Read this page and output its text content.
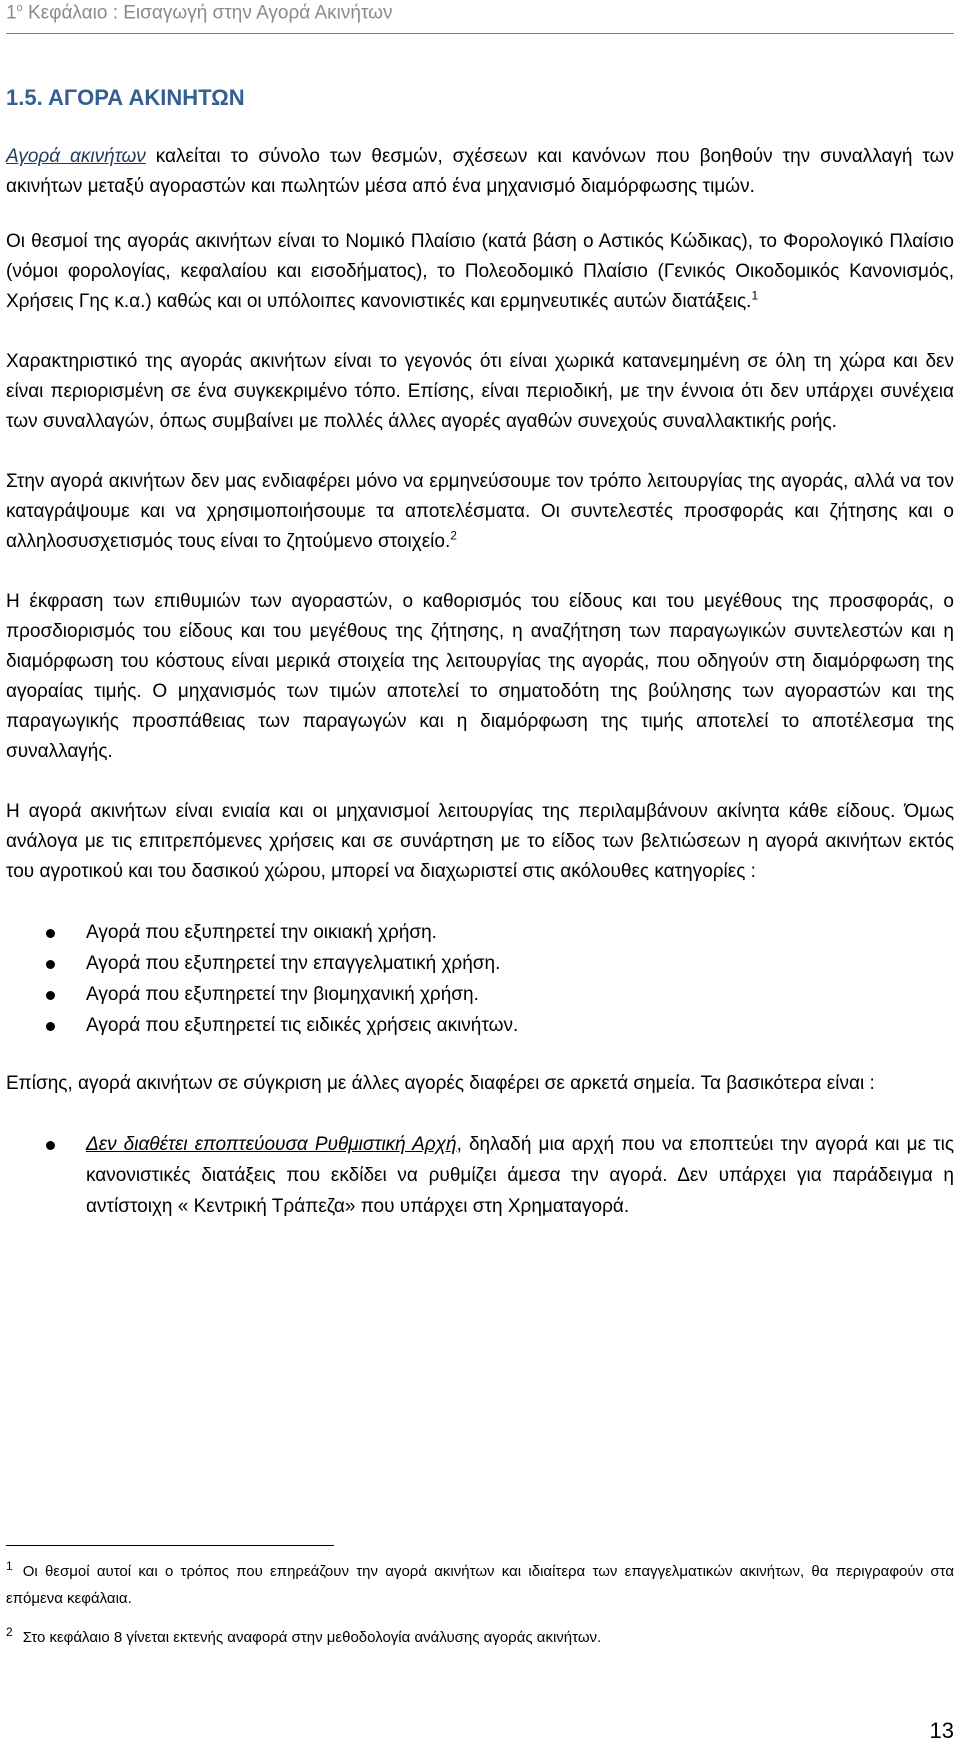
$1^o$ Κεφάλαιο : Εισαγωγή στην Αγορά Ακινήτων
1.5. ΑΓΟΡΑ ΑΚΙΝΗΤΩΝ

Αγορά ακινήτων καλείται το σύνολο των θεσμών, σχέσεων και κανόνων που βοηθούν την συναλλαγή των ακινήτων μεταξύ αγοραστών και πωλητών μέσα από ένα μηχανισμό διαμόρφωσης τιμών.

Οι θεσμοί της αγοράς ακινήτων είναι το Νομικό Πλαίσιο (κατά βάση ο Αστικός Κώδικας), το Φορολογικό Πλαίσιο (νόμοι φορολογίας, κεφαλαίου και εισοδήματος), το Πολεοδομικό Πλαίσιο (Γενικός Οικοδομικός Κανονισμός, Χρήσεις Γης κ.α.) καθώς και οι υπόλοιπες κανονιστικές και ερμηνευτικές αυτών διατάξεις.$^1$

Χαρακτηριστικό της αγοράς ακινήτων είναι το γεγονός ότι είναι χωρικά κατανεμημένη σε όλη τη χώρα και δεν είναι περιορισμένη σε ένα συγκεκριμένο τόπο. Επίσης, είναι περιοδική, με την έννοια ότι δεν υπάρχει συνέχεια των συναλλαγών, όπως συμβαίνει με πολλές άλλες αγορές αγαθών συνεχούς συναλλακτικής ροής.

Στην αγορά ακινήτων δεν μας ενδιαφέρει μόνο να ερμηνεύσουμε τον τρόπο λειτουργίας της αγοράς, αλλά να τον καταγράψουμε και να χρησιμοποιήσουμε τα αποτελέσματα. Οι συντελεστές προσφοράς και ζήτησης και ο αλληλοσυσχετισμός τους είναι το ζητούμενο στοιχείο.$^2$

Η έκφραση των επιθυμιών των αγοραστών, ο καθορισμός του είδους και του μεγέθους της προσφοράς, ο προσδιορισμός του είδους και του μεγέθους της ζήτησης, η αναζήτηση των παραγωγικών συντελεστών και η διαμόρφωση του κόστους είναι μερικά στοιχεία της λειτουργίας της αγοράς, που οδηγούν στη διαμόρφωση της αγοραίας τιμής. Ο μηχανισμός των τιμών αποτελεί το σηματοδότη της βούλησης των αγοραστών και της παραγωγικής προσπάθειας των παραγωγών και η διαμόρφωση της τιμής αποτελεί το αποτέλεσμα της συναλλαγής.

Η αγορά ακινήτων είναι ενιαία και οι μηχανισμοί λειτουργίας της περιλαμβάνουν ακίνητα κάθε είδους. Όμως ανάλογα με τις επιτρεπόμενες χρήσεις και σε συνάρτηση με το είδος των βελτιώσεων η αγορά ακινήτων εκτός του αγροτικού και του δασικού χώρου, μπορεί να διαχωριστεί στις ακόλουθες κατηγορίες :

Αγορά που εξυπηρετεί την οικιακή χρήση.
Αγορά που εξυπηρετεί την επαγγελματική χρήση.
Αγορά που εξυπηρετεί την βιομηχανική χρήση.
Αγορά που εξυπηρετεί τις ειδικές χρήσεις ακινήτων.

Επίσης, αγορά ακινήτων σε σύγκριση με άλλες αγορές διαφέρει σε αρκετά σημεία. Τα βασικότερα είναι :

Δεν διαθέτει εποπτεύουσα Ρυθμιστική Αρχή, δηλαδή μια αρχή που να εποπτεύει την αγορά και με τις κανονιστικές διατάξεις που εκδίδει να ρυθμίζει άμεσα την αγορά. Δεν υπάρχει για παράδειγμα η αντίστοιχη « Κεντρική Τράπεζα» που υπάρχει στη Χρηματαγορά.
$^1$ Οι θεσμοί αυτοί και ο τρόπος που επηρεάζουν την αγορά ακινήτων και ιδιαίτερα των επαγγελματικών ακινήτων, θα περιγραφούν στα επόμενα κεφάλαια.
$^2$ Στο κεφάλαιο 8 γίνεται εκτενής αναφορά στην μεθοδολογία ανάλυσης αγοράς ακινήτων.
13
